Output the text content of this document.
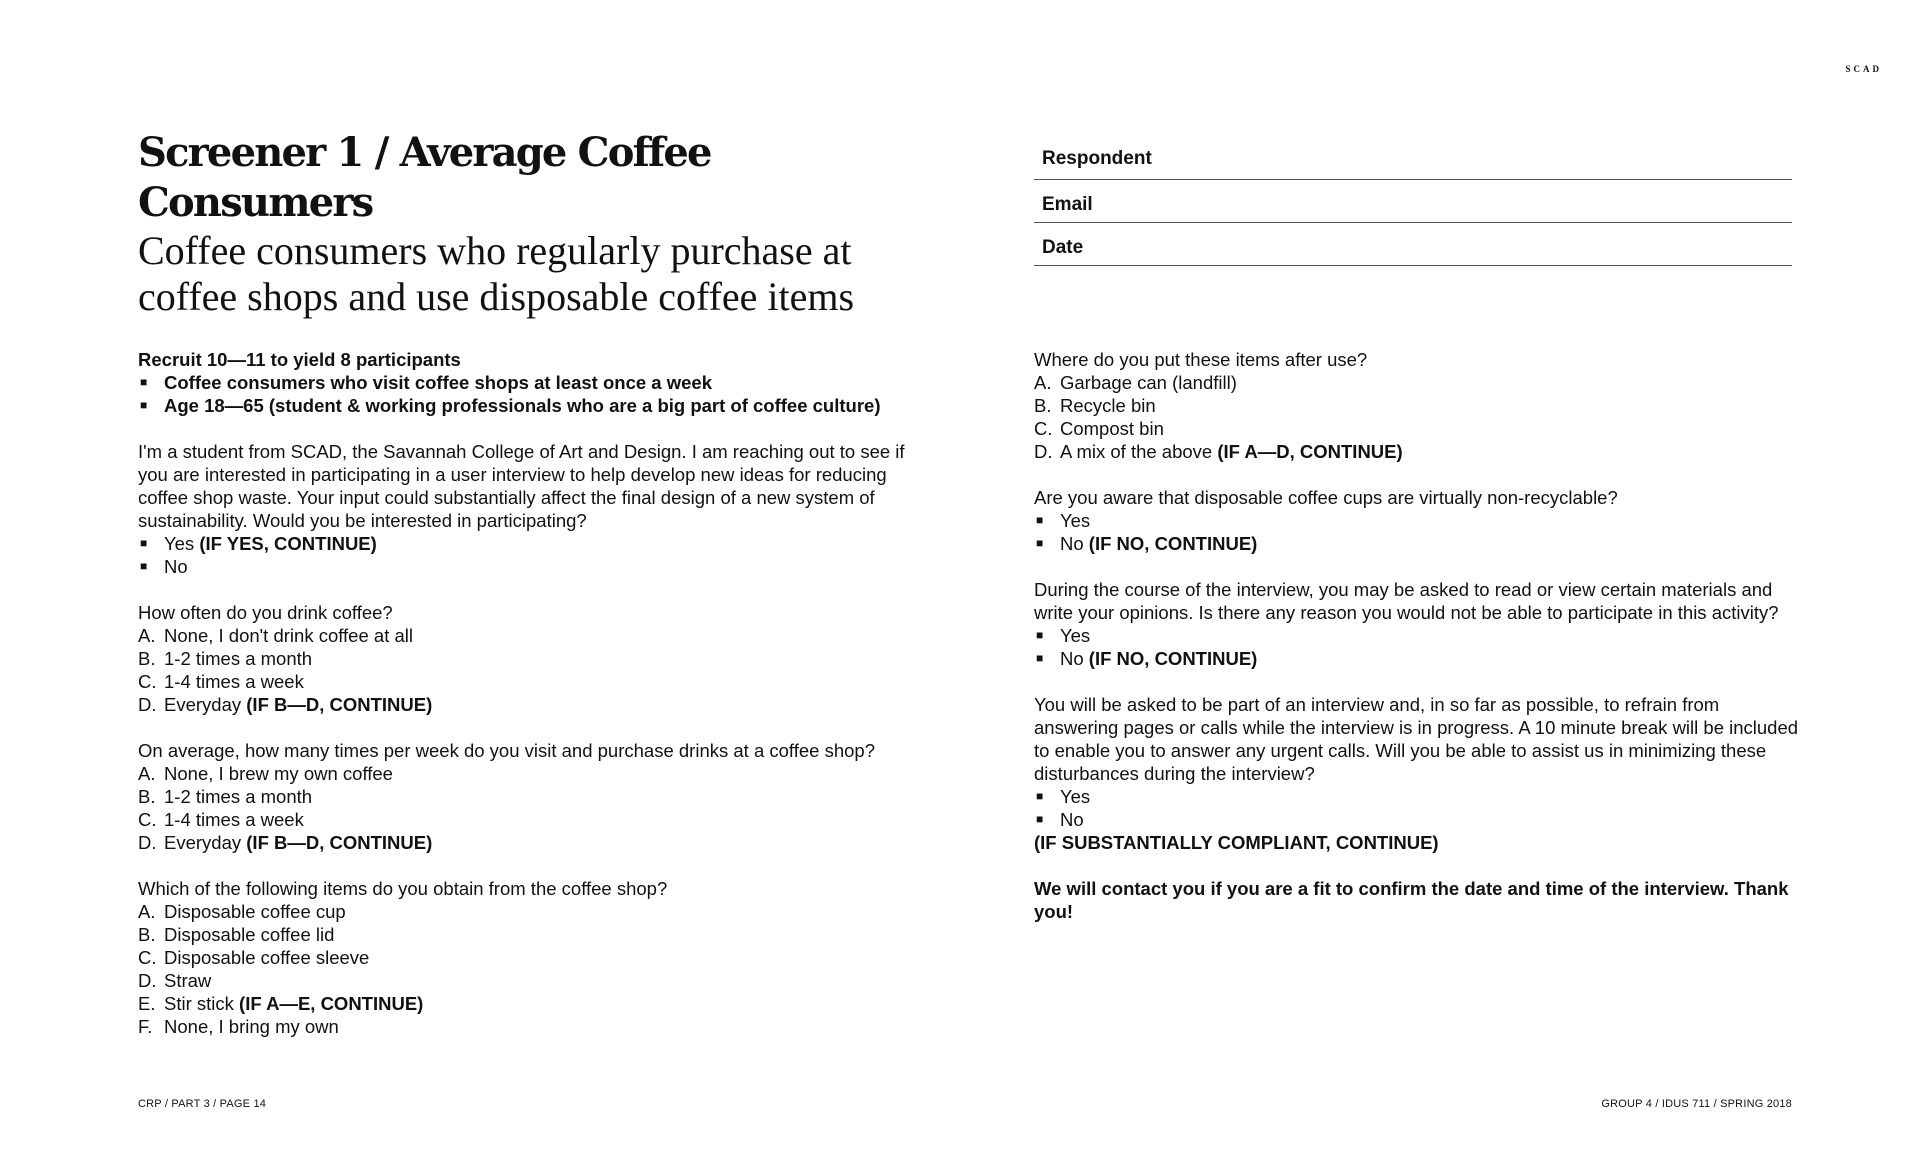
SCAD
Screener 1 / Average Coffee Consumers

Coffee consumers who regularly purchase at coffee shops and use disposable coffee items

Respondent
Email
Date
Recruit 10—11 to yield 8 participants
■ Coffee consumers who visit coffee shops at least once a week
■ Age 18—65 (student & working professionals who are a big part of coffee culture)
I'm a student from SCAD, the Savannah College of Art and Design. I am reaching out to see if you are interested in participating in a user interview to help develop new ideas for reducing coffee shop waste. Your input could substantially affect the final design of a new system of sustainability. Would you be interested in participating?
■ Yes (IF YES, CONTINUE)
■ No
How often do you drink coffee?
A. None, I don't drink coffee at all
B. 1-2 times a month
C. 1-4 times a week
D. Everyday (IF B—D, CONTINUE)
On average, how many times per week do you visit and purchase drinks at a coffee shop?
A. None, I brew my own coffee
B. 1-2 times a month
C. 1-4 times a week
D. Everyday (IF B—D, CONTINUE)
Which of the following items do you obtain from the coffee shop?
A. Disposable coffee cup
B. Disposable coffee lid
C. Disposable coffee sleeve
D. Straw
E. Stir stick (IF A—E, CONTINUE)
F. None, I bring my own
Where do you put these items after use?
A. Garbage can (landfill)
B. Recycle bin
C. Compost bin
D. A mix of the above (IF A—D, CONTINUE)
Are you aware that disposable coffee cups are virtually non-recyclable?
■ Yes
■ No (IF NO, CONTINUE)
During the course of the interview, you may be asked to read or view certain materials and write your opinions. Is there any reason you would not be able to participate in this activity?
■ Yes
■ No (IF NO, CONTINUE)
You will be asked to be part of an interview and, in so far as possible, to refrain from answering pages or calls while the interview is in progress. A 10 minute break will be included to enable you to answer any urgent calls. Will you be able to assist us in minimizing these disturbances during the interview?
■ Yes
■ No
(IF SUBSTANTIALLY COMPLIANT, CONTINUE)
We will contact you if you are a fit to confirm the date and time of the interview. Thank you!
CRP / PART 3 / PAGE 14	GROUP 4 / IDUS 711 / SPRING 2018
